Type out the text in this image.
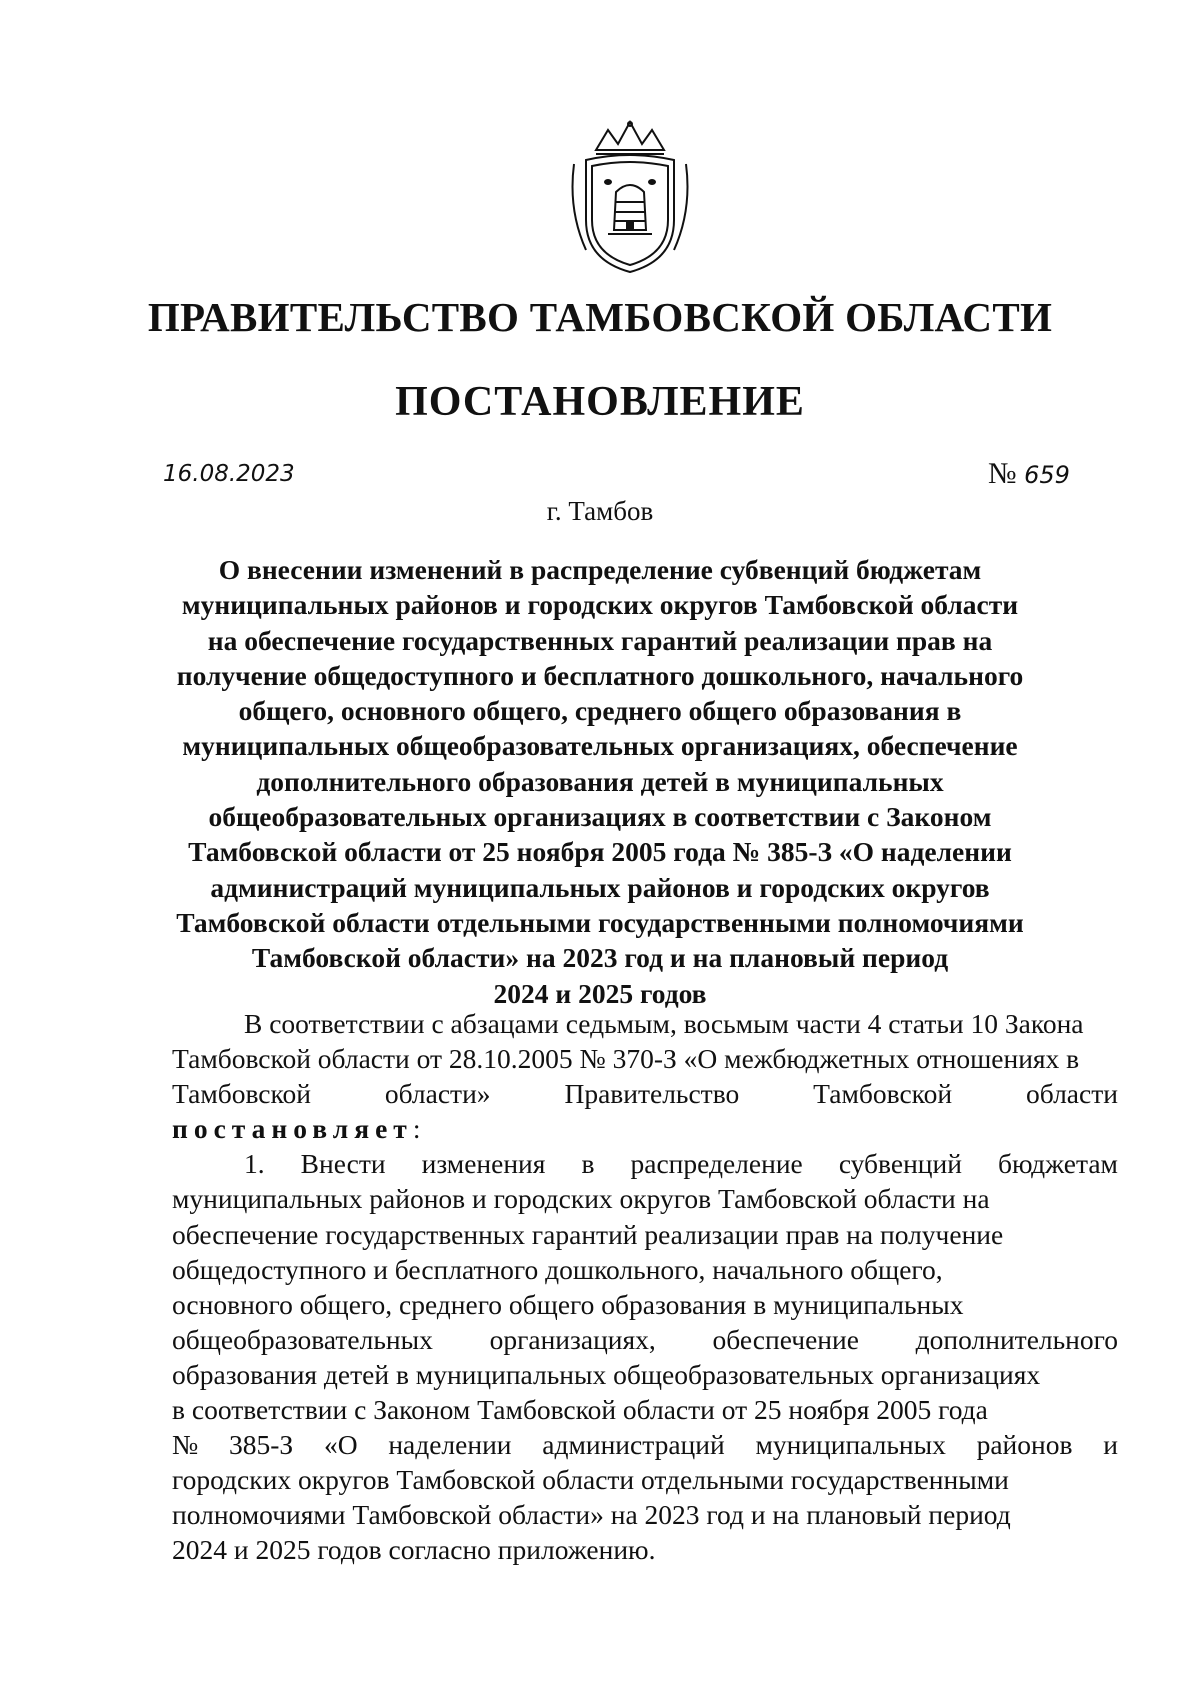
ПРАВИТЕЛЬСТВО ТАМБОВСКОЙ ОБЛАСТИ
ПОСТАНОВЛЕНИЕ
16.08.2023	№ 659
г. Тамбов
О внесении изменений в распределение субвенций бюджетам
муниципальных районов и городских округов Тамбовской области
на обеспечение государственных гарантий реализации прав на
получение общедоступного и бесплатного дошкольного, начального
общего, основного общего, среднего общего образования в
муниципальных общеобразовательных организациях, обеспечение
дополнительного образования детей в муниципальных
общеобразовательных организациях в соответствии с Законом
Тамбовской области от 25 ноября 2005 года № 385-З «О наделении
администраций муниципальных районов и городских округов
Тамбовской области отдельными государственными полномочиями
Тамбовской области» на 2023 год и на плановый период
2024 и 2025 годов
В соответствии с абзацами седьмым, восьмым части 4 статьи 10 Закона
Тамбовской области от 28.10.2005 № 370-З «О межбюджетных отношениях в
Тамбовской	области»	Правительство	Тамбовской	области
постановляет:
1. Внести изменения в распределение субвенций бюджетам
муниципальных районов и городских округов Тамбовской области на
обеспечение государственных гарантий реализации прав на получение
общедоступного и бесплатного дошкольного, начального общего,
основного общего, среднего общего образования в муниципальных
общеобразовательных организациях, обеспечение дополнительного
образования детей в муниципальных общеобразовательных организациях
в соответствии с Законом Тамбовской области от 25 ноября 2005 года
№ 385-З «О наделении администраций муниципальных районов и
городских округов Тамбовской области отдельными государственными
полномочиями Тамбовской области» на 2023 год и на плановый период
2024 и 2025 годов согласно приложению.
